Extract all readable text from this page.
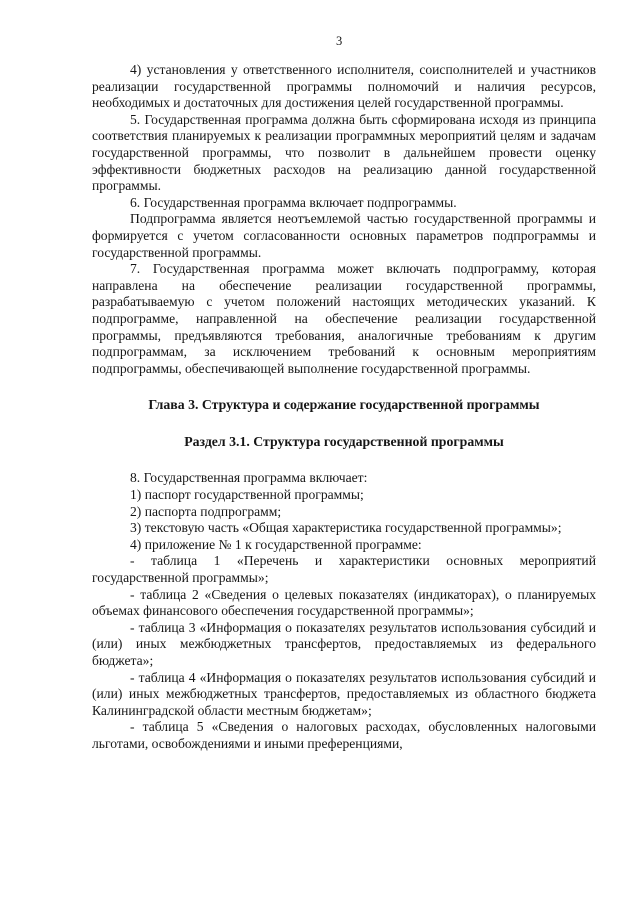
3

4) установления у ответственного исполнителя, соисполнителей и участников реализации государственной программы полномочий и наличия ресурсов, необходимых и достаточных для достижения целей государственной программы.

5. Государственная программа должна быть сформирована исходя из принципа соответствия планируемых к реализации программных мероприятий целям и задачам государственной программы, что позволит в дальнейшем провести оценку эффективности бюджетных расходов на реализацию данной государственной программы.

6. Государственная программа включает подпрограммы.

Подпрограмма является неотъемлемой частью государственной программы и формируется с учетом согласованности основных параметров подпрограммы и государственной программы.

7. Государственная программа может включать подпрограмму, которая направлена на обеспечение реализации государственной программы, разрабатываемую с учетом положений настоящих методических указаний. К подпрограмме, направленной на обеспечение реализации государственной программы, предъявляются требования, аналогичные требованиям к другим подпрограммам, за исключением требований к основным мероприятиям подпрограммы, обеспечивающей выполнение государственной программы.

Глава 3. Структура и содержание государственной программы

Раздел 3.1. Структура государственной программы

8. Государственная программа включает:

1) паспорт государственной программы;

2) паспорта подпрограмм;

3) текстовую часть «Общая характеристика государственной программы»;

4) приложение № 1 к государственной программе:

- таблица 1 «Перечень и характеристики основных мероприятий государственной программы»;

- таблица 2 «Сведения о целевых показателях (индикаторах), о планируемых объемах финансового обеспечения государственной программы»;

- таблица 3 «Информация о показателях результатов использования субсидий и (или) иных межбюджетных трансфертов, предоставляемых из федерального бюджета»;

- таблица 4 «Информация о показателях результатов использования субсидий и (или) иных межбюджетных трансфертов, предоставляемых из областного бюджета Калининградской области местным бюджетам»;

- таблица 5 «Сведения о налоговых расходах, обусловленных налоговыми льготами, освобождениями и иными преференциями,
